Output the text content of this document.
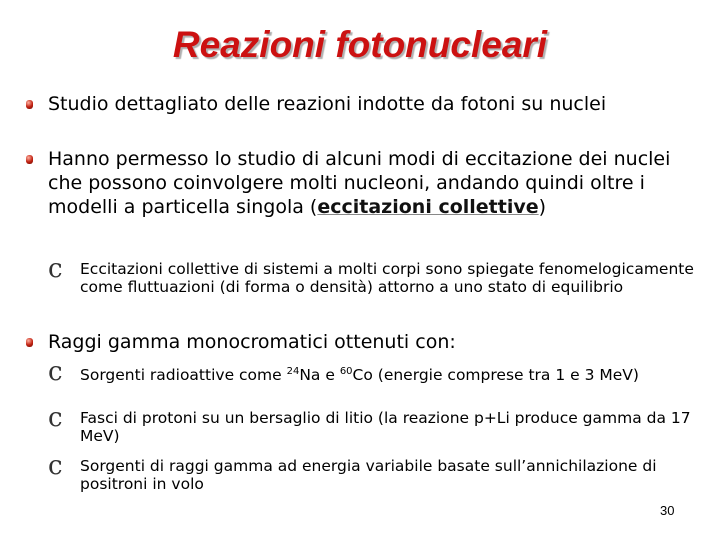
Reazioni fotonucleari
Studio dettagliato delle reazioni indotte da fotoni su nuclei
Hanno permesso lo studio di alcuni modi di eccitazione dei nuclei che possono coinvolgere molti nucleoni, andando quindi oltre i modelli a particella singola (eccitazioni collettive)
c Eccitazioni collettive di sistemi a molti corpi sono spiegate fenomelogicamente come fluttuazioni (di forma o densità) attorno a uno stato di equilibrio
Raggi gamma monocromatici ottenuti con:
c Sorgenti radioattive come $^{24}$Na e $^{60}$Co (energie comprese tra 1 e 3 MeV)
c Fasci di protoni su un bersaglio di litio (la reazione p+Li produce gamma da 17 MeV)
c Sorgenti di raggi gamma ad energia variabile basate sull’annichilazione di positroni in volo
30
